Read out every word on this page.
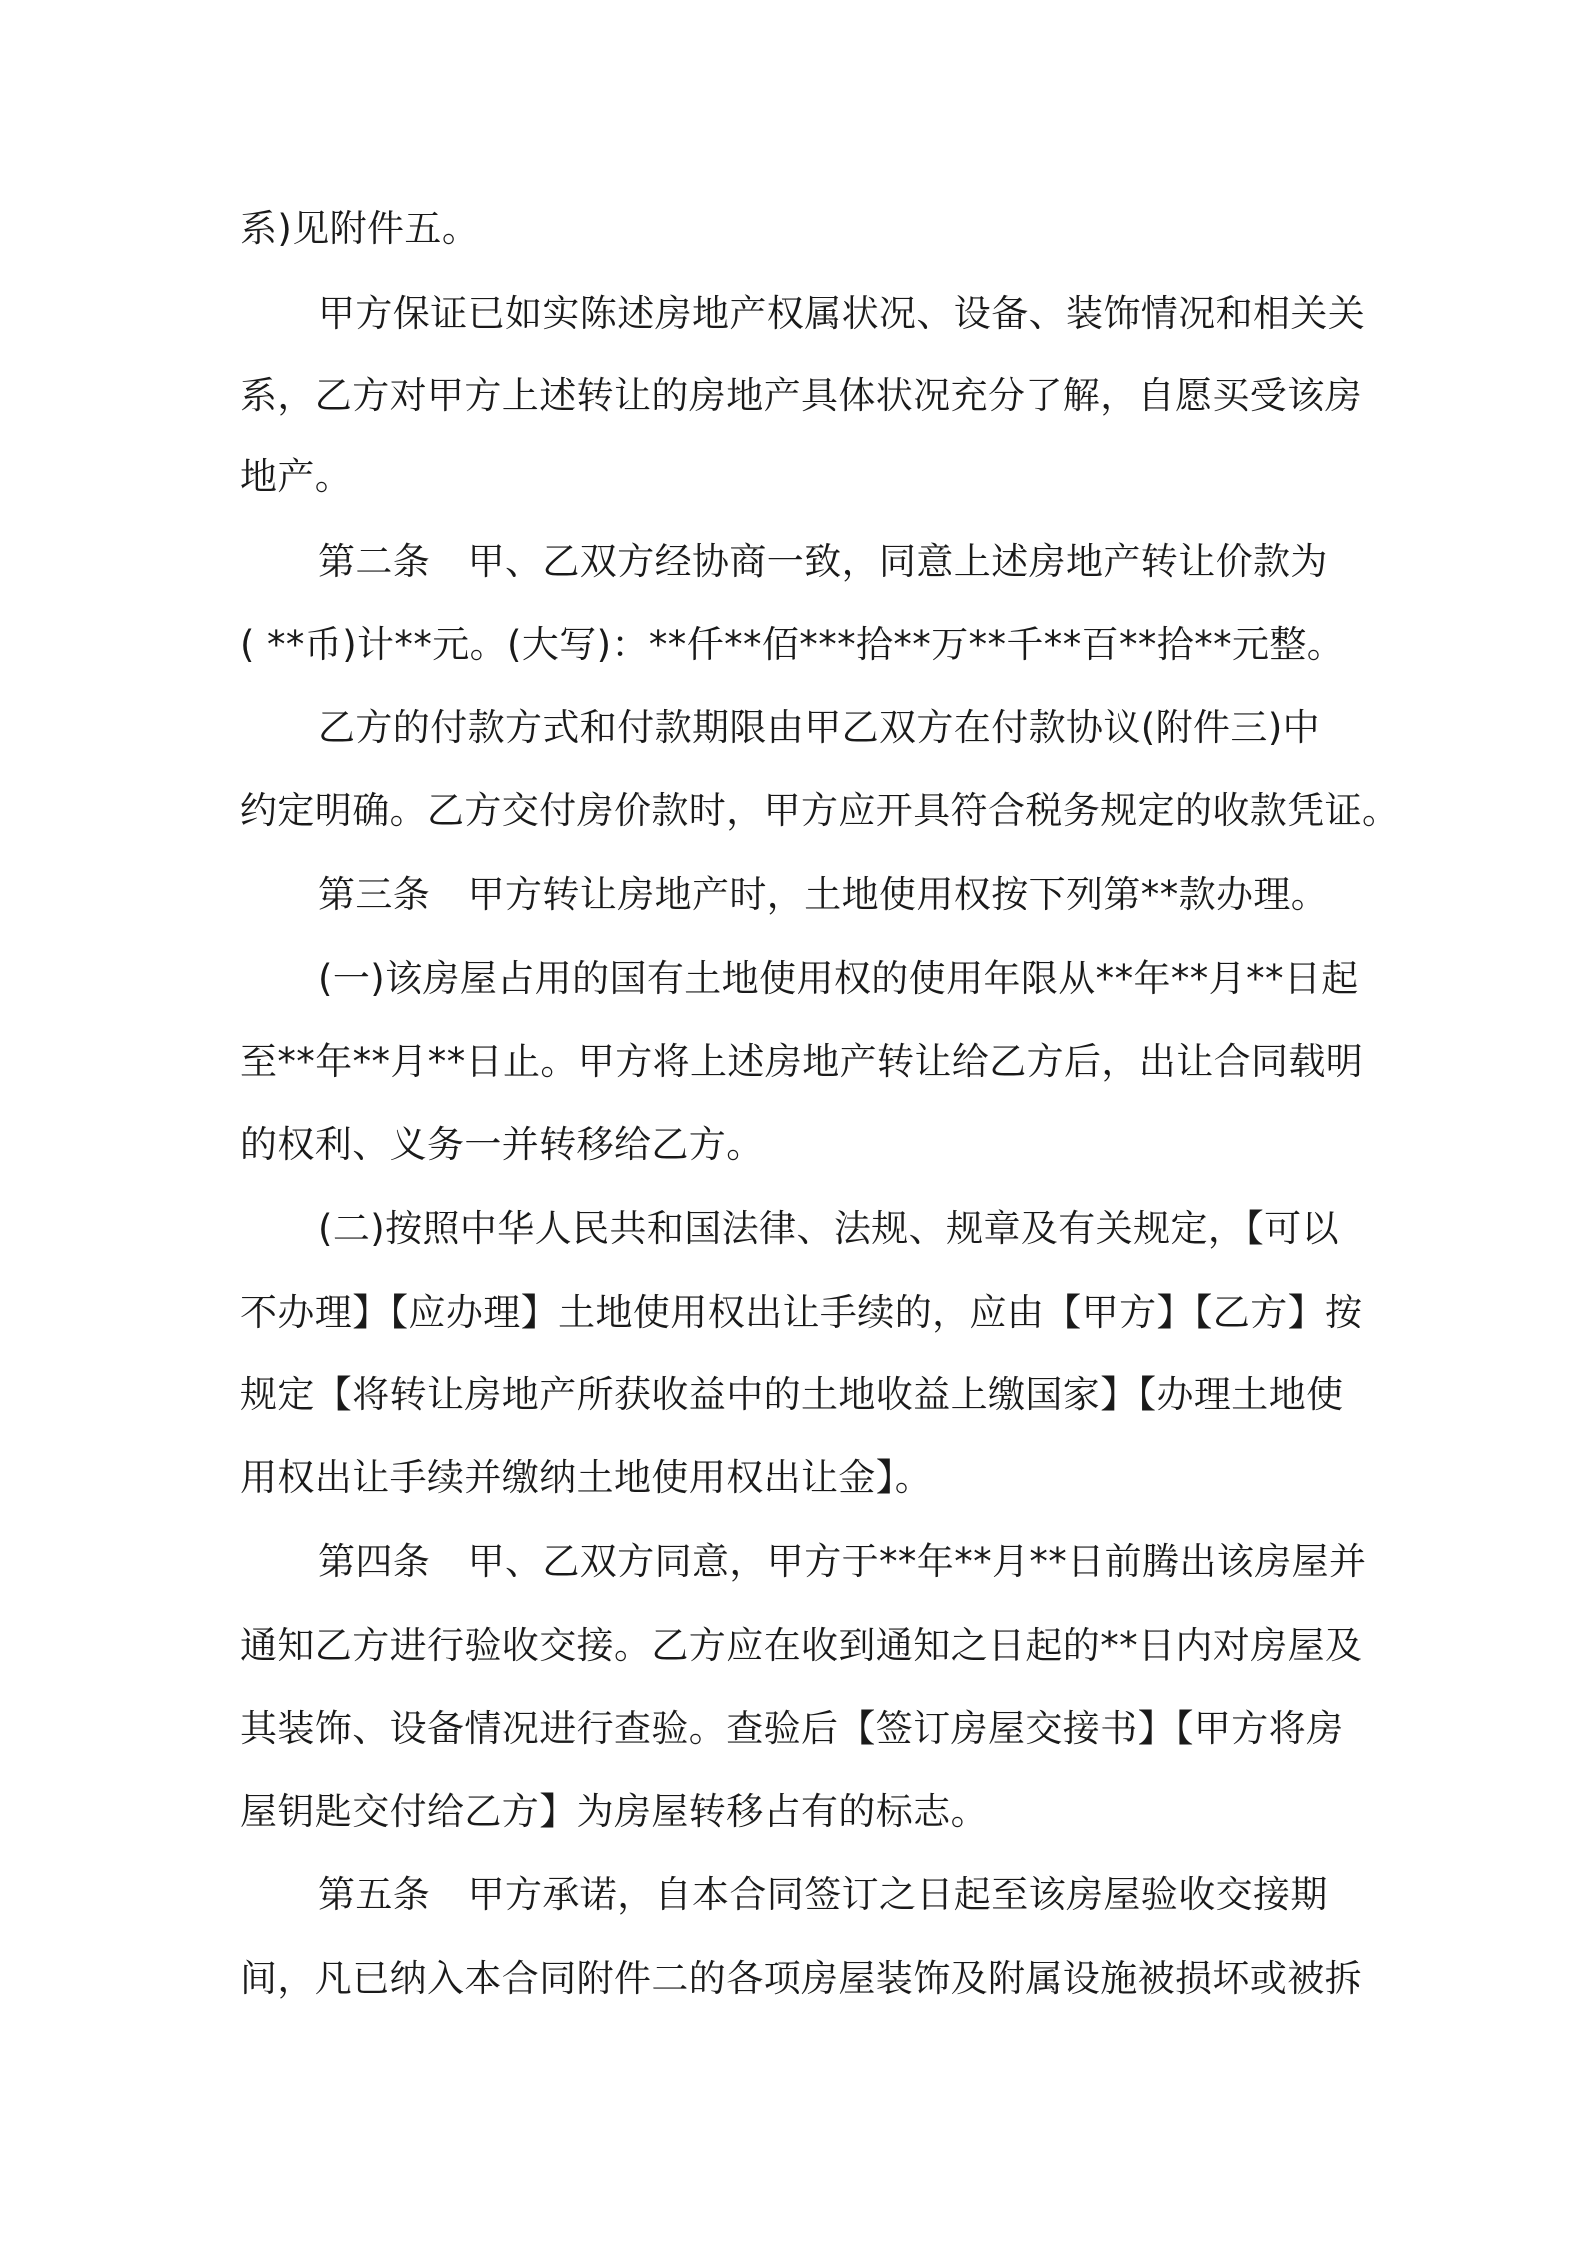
系)见附件五。

甲方保证已如实陈述房地产权属状况、设备、装饰情况和相关关

系，乙方对甲方上述转让的房地产具体状况充分了解，自愿买受该房

地产。

第二条　甲、乙双方经协商一致，同意上述房地产转让价款为

( **币)计**元。(大写)：**仟**佰***拾**万**千**百**拾**元整。

乙方的付款方式和付款期限由甲乙双方在付款协议(附件三)中

约定明确。乙方交付房价款时，甲方应开具符合税务规定的收款凭证。

第三条　甲方转让房地产时，土地使用权按下列第**款办理。

(一)该房屋占用的国有土地使用权的使用年限从**年**月**日起

至**年**月**日止。甲方将上述房地产转让给乙方后，出让合同载明

的权利、义务一并转移给乙方。

(二)按照中华人民共和国法律、法规、规章及有关规定，【可以

不办理】【应办理】土地使用权出让手续的，应由【甲方】【乙方】按

规定【将转让房地产所获收益中的土地收益上缴国家】【办理土地使

用权出让手续并缴纳土地使用权出让金】。

第四条　甲、乙双方同意，甲方于**年**月**日前腾出该房屋并

通知乙方进行验收交接。乙方应在收到通知之日起的**日内对房屋及

其装饰、设备情况进行查验。查验后【签订房屋交接书】【甲方将房

屋钥匙交付给乙方】为房屋转移占有的标志。

第五条　甲方承诺，自本合同签订之日起至该房屋验收交接期

间，凡已纳入本合同附件二的各项房屋装饰及附属设施被损坏或被拆
